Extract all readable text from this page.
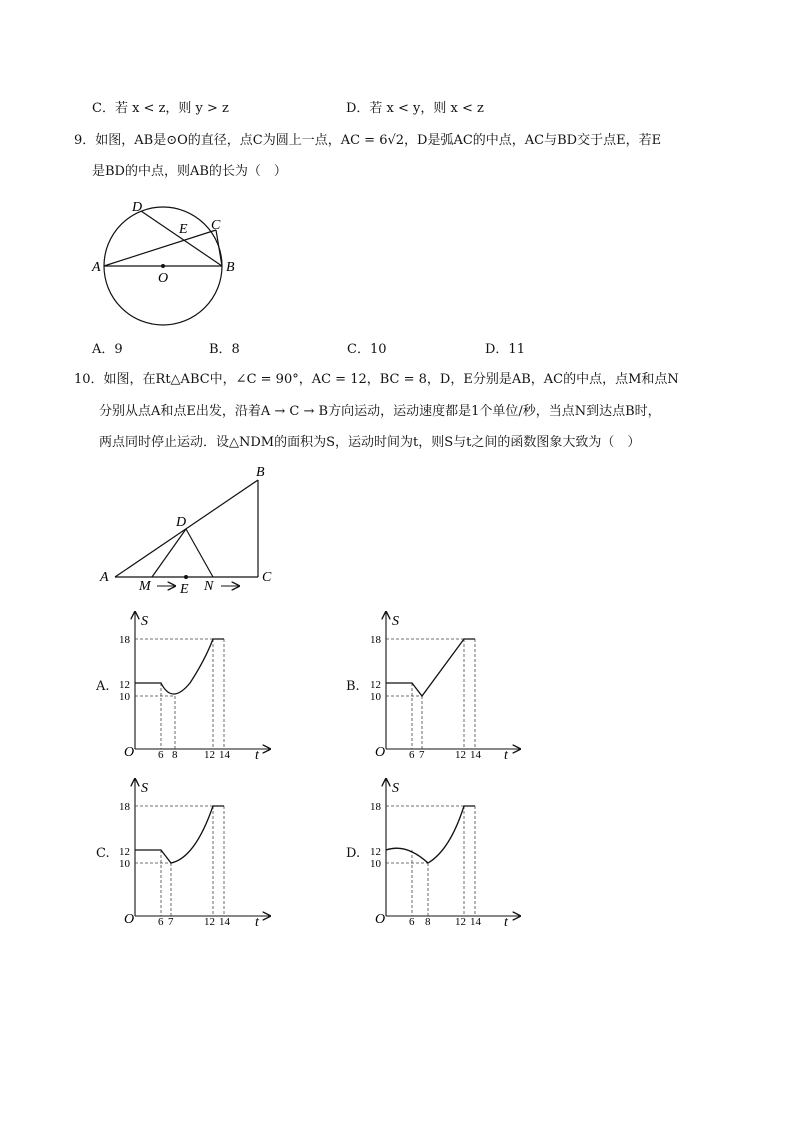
C．若 x < z，则 y > z	D．若 x < y，则 x < z
9．如图，AB是⊙O的直径，点C为圆上一点，AC = 6√2，D是弧AC的中点，AC与BD交于点E，若E
是BD的中点，则AB的长为（　）
A	B
C
D
E
O
A．9	B．8	C．10	D．11
10．如图，在Rt△ABC中，∠C = 90°，AC = 12，BC = 8，D，E分别是AB，AC的中点，点M和点N
分别从点A和点E出发，沿着A → C → B方向运动，运动速度都是1个单位/秒，当点N到达点B时，
两点同时停止运动．设△NDM的面积为S，运动时间为t，则S与t之间的函数图象大致为（　）
A
B
C
D
E
M	N
A.
S
t
O
18
12
10
6 8 12 14
B.
S
t
O
18
12
10
6 7	12 14
C.
S
t
O
18
12
10
6 7	12 14
D.
S
t
O
18
12
10
6 8 12 14
